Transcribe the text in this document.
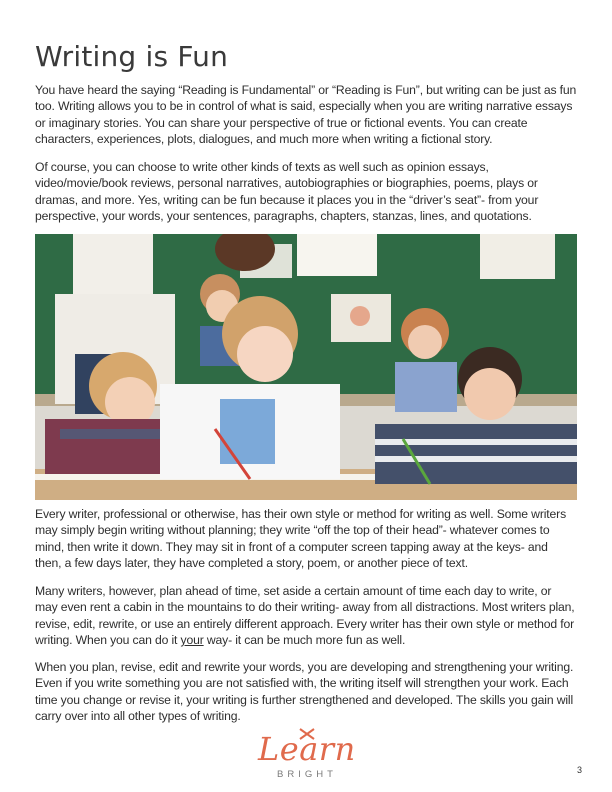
Writing is Fun

You have heard the saying “Reading is Fundamental” or “Reading is Fun”, but writing can be just as fun too. Writing allows you to be in control of what is said, especially when you are writing narrative essays or imaginary stories. You can share your perspective of true or fictional events. You can create characters, experiences, plots, dialogues, and much more when writing a fictional story.

Of course, you can choose to write other kinds of texts as well such as opinion essays, video/movie/book reviews, personal narratives, autobiographies or biographies, poems, plays or dramas, and more. Yes, writing can be fun because it places you in the “driver’s seat”- from your perspective, your words, your sentences, paragraphs, chapters, stanzas, lines, and quotations.

Every writer, professional or otherwise, has their own style or method for writing as well. Some writers may simply begin writing without planning; they write “off the top of their head”- whatever comes to mind, then write it down. They may sit in front of a computer screen tapping away at the keys- and then, a few days later, they have completed a story, poem, or another piece of text.

Many writers, however, plan ahead of time, set aside a certain amount of time each day to write, or may even rent a cabin in the mountains to do their writing- away from all distractions. Most writers plan, revise, edit, rewrite, or use an entirely different approach. Every writer has their own style or method for writing. When you can do it your way- it can be much more fun as well.

When you plan, revise, edit and rewrite your words, you are developing and strengthening your writing. Even if you write something you are not satisfied with, the writing itself will strengthen your work. Each time you change or revise it, your writing is further strengthened and developed. The skills you gain will carry over into all other types of writing.

Learn
BRIGHT	3
